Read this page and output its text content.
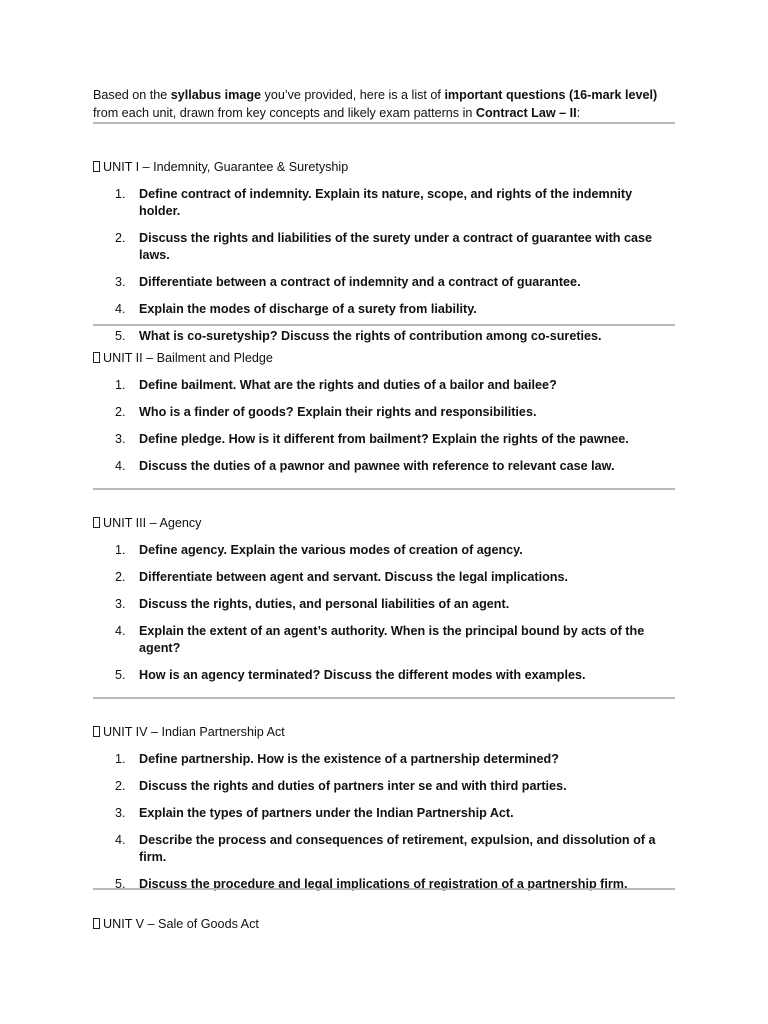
Based on the syllabus image you’ve provided, here is a list of important questions (16-mark level) from each unit, drawn from key concepts and likely exam patterns in Contract Law – II:

UNIT I – Indemnity, Guarantee & Suretyship

1. Define contract of indemnity. Explain its nature, scope, and rights of the indemnity holder.
2. Discuss the rights and liabilities of the surety under a contract of guarantee with case laws.
3. Differentiate between a contract of indemnity and a contract of guarantee.
4. Explain the modes of discharge of a surety from liability.
5. What is co-suretyship? Discuss the rights of contribution among co-sureties.

UNIT II – Bailment and Pledge

1. Define bailment. What are the rights and duties of a bailor and bailee?
2. Who is a finder of goods? Explain their rights and responsibilities.
3. Define pledge. How is it different from bailment? Explain the rights of the pawnee.
4. Discuss the duties of a pawnor and pawnee with reference to relevant case law.

UNIT III – Agency

1. Define agency. Explain the various modes of creation of agency.
2. Differentiate between agent and servant. Discuss the legal implications.
3. Discuss the rights, duties, and personal liabilities of an agent.
4. Explain the extent of an agent’s authority. When is the principal bound by acts of the agent?
5. How is an agency terminated? Discuss the different modes with examples.

UNIT IV – Indian Partnership Act

1. Define partnership. How is the existence of a partnership determined?
2. Discuss the rights and duties of partners inter se and with third parties.
3. Explain the types of partners under the Indian Partnership Act.
4. Describe the process and consequences of retirement, expulsion, and dissolution of a firm.
5. Discuss the procedure and legal implications of registration of a partnership firm.

UNIT V – Sale of Goods Act
